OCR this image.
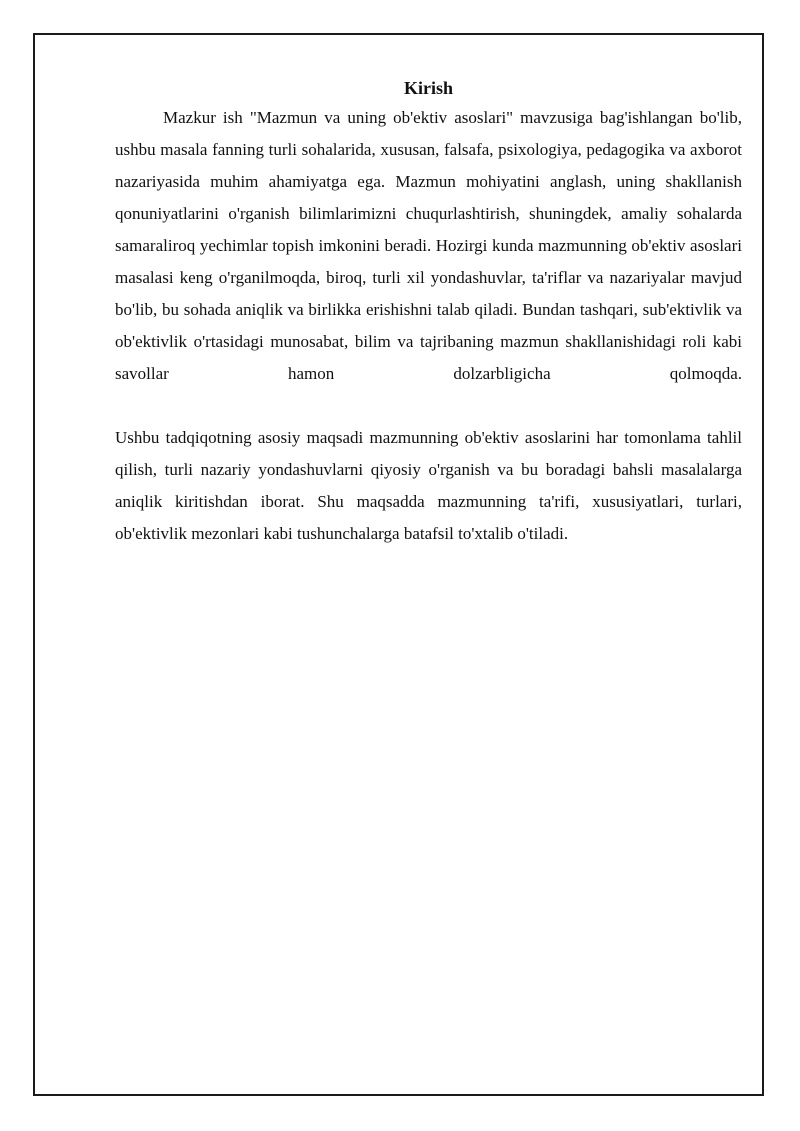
Kirish

Mazkur ish "Mazmun va uning ob'ektiv asoslari" mavzusiga bag'ishlangan bo'lib, ushbu masala fanning turli sohalarida, xususan, falsafa, psixologiya, pedagogika va axborot nazariyasida muhim ahamiyatga ega. Mazmun mohiyatini anglash, uning shakllanish qonuniyatlarini o'rganish bilimlarimizni chuqurlashtirish, shuningdek, amaliy sohalarda samaraliroq yechimlar topish imkonini beradi. Hozirgi kunda mazmunning ob'ektiv asoslari masalasi keng o'rganilmoqda, biroq, turli xil yondashuvlar, ta'riflar va nazariyalar mavjud bo'lib, bu sohada aniqlik va birlikka erishishni talab qiladi. Bundan tashqari, sub'ektivlik va ob'ektivlik o'rtasidagi munosabat, bilim va tajribaning mazmun shakllanishidagi roli kabi savollar hamon dolzarbligicha qolmoqda.

Ushbu tadqiqotning asosiy maqsadi mazmunning ob'ektiv asoslarini har tomonlama tahlil qilish, turli nazariy yondashuvlarni qiyosiy o'rganish va bu boradagi bahsli masalalarga aniqlik kiritishdan iborat. Shu maqsadda mazmunning ta'rifi, xususiyatlari, turlari, ob'ektivlik mezonlari kabi tushunchalarga batafsil to'xtalib o'tiladi.
